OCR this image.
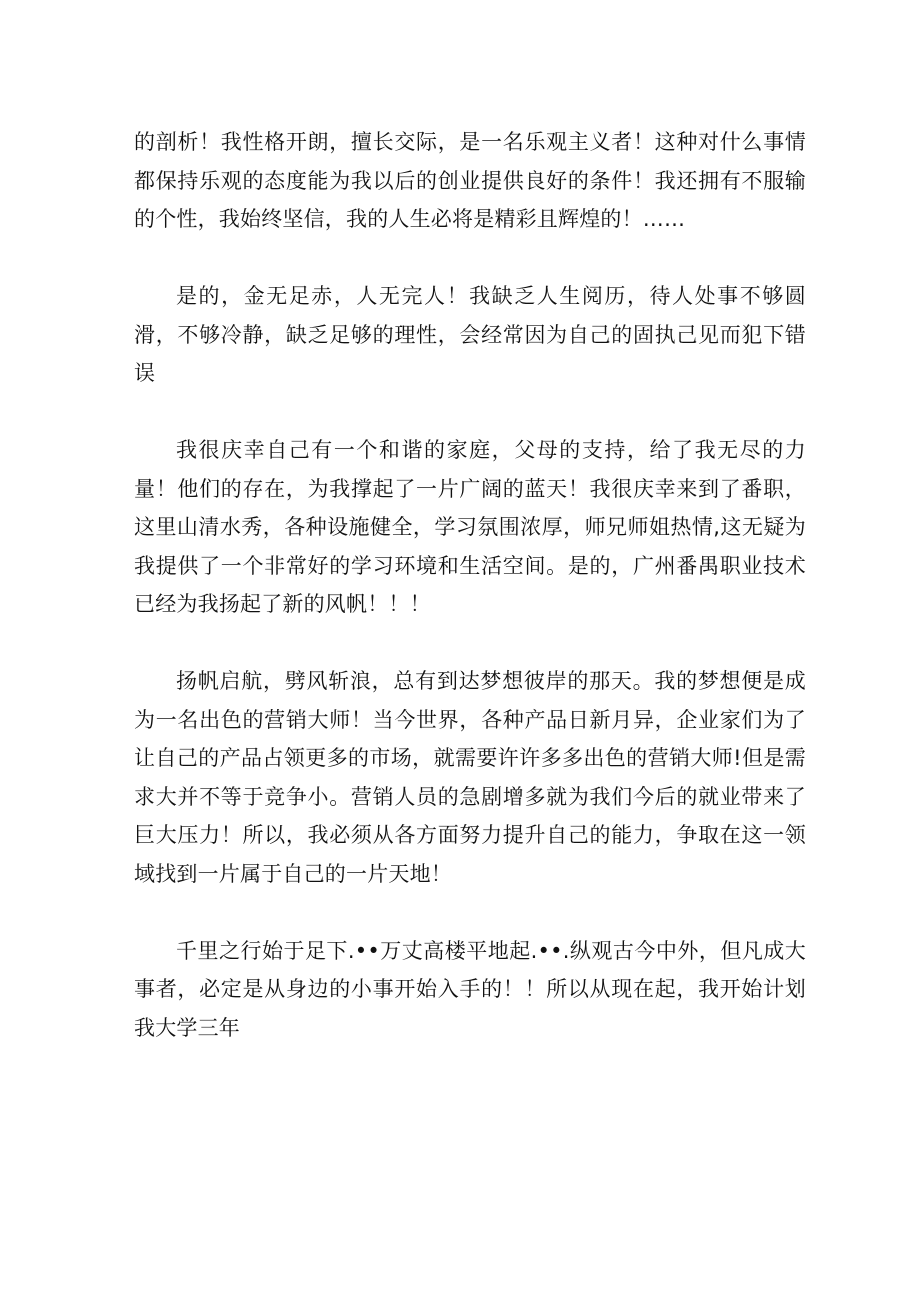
的剖析！我性格开朗，擅长交际，是一名乐观主义者！这种对什么事情都保持乐观的态度能为我以后的创业提供良好的条件！我还拥有不服输的个性，我始终坚信，我的人生必将是精彩且辉煌的！……

是的，金无足赤，人无完人！我缺乏人生阅历，待人处事不够圆滑，不够冷静，缺乏足够的理性，会经常因为自己的固执己见而犯下错误

我很庆幸自己有一个和谐的家庭，父母的支持，给了我无尽的力量！他们的存在，为我撑起了一片广阔的蓝天！我很庆幸来到了番职，这里山清水秀，各种设施健全，学习氛围浓厚，师兄师姐热情,这无疑为我提供了一个非常好的学习环境和生活空间。是的，广州番禺职业技术已经为我扬起了新的风帆！！！

扬帆启航，劈风斩浪，总有到达梦想彼岸的那天。我的梦想便是成为一名出色的营销大师！当今世界，各种产品日新月异，企业家们为了让自己的产品占领更多的市场，就需要许许多多出色的营销大师!但是需求大并不等于竞争小。营销人员的急剧增多就为我们今后的就业带来了巨大压力！所以，我必须从各方面努力提升自己的能力，争取在这一领域找到一片属于自己的一片天地！

千里之行始于足下.••万丈高楼平地起.••.纵观古今中外，但凡成大事者，必定是从身边的小事开始入手的！！所以从现在起，我开始计划我大学三年
